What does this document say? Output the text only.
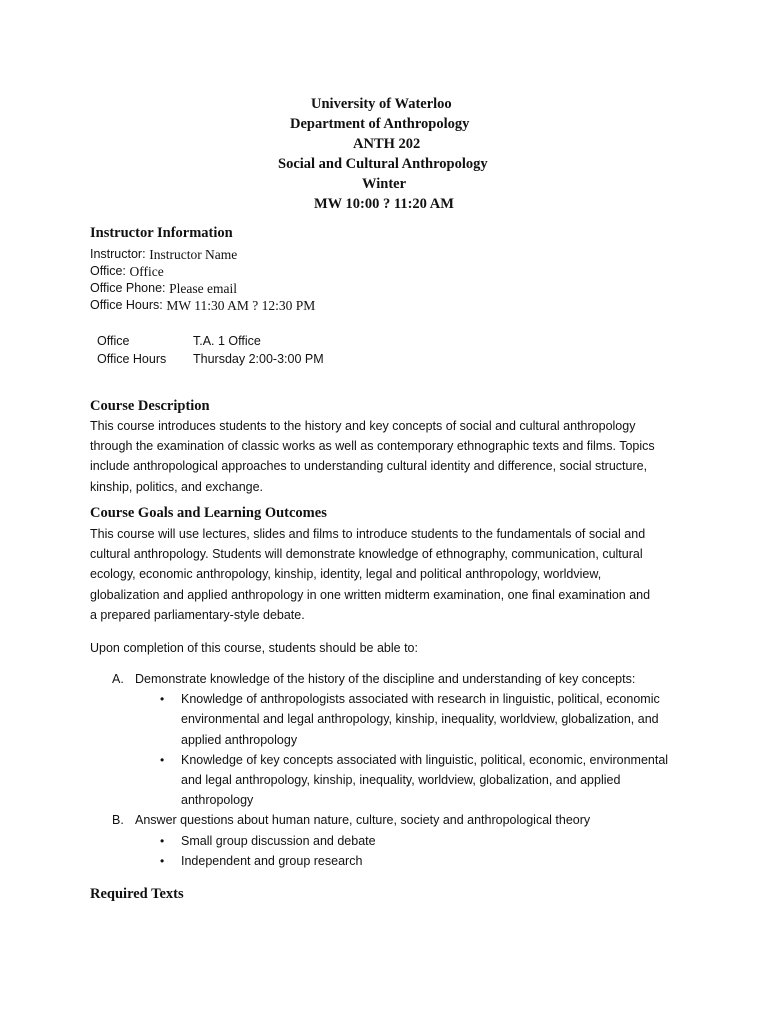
University of Waterloo
Department of Anthropology
ANTH 202
Social and Cultural Anthropology
Winter
MW 10:00 ? 11:20 AM
Instructor Information
Instructor: Instructor Name
Office: Office
Office Phone: Please email
Office Hours: MW 11:30 AM ? 12:30 PM
Office	T.A. 1 Office
Office Hours Thursday 2:00-3:00 PM
Course Description

This course introduces students to the history and key concepts of social and cultural anthropology

through the examination of classic works as well as contemporary ethnographic texts and films. Topics

include anthropological approaches to understanding cultural identity and difference, social structure,

kinship, politics, and exchange.

Course Goals and Learning Outcomes

This course will use lectures, slides and films to introduce students to the fundamentals of social and

cultural anthropology. Students will demonstrate knowledge of ethnography, communication, cultural

ecology, economic anthropology, kinship, identity, legal and political anthropology, worldview,

globalization and applied anthropology in one written midterm examination, one final examination and

a prepared parliamentary-style debate.

Upon completion of this course, students should be able to:
A. Demonstrate knowledge of the history of the discipline and understanding of key concepts:
• Knowledge of anthropologists associated with research in linguistic, political, economic
environmental and legal anthropology, kinship, inequality, worldview, globalization, and
applied anthropology
• Knowledge of key concepts associated with linguistic, political, economic, environmental
and legal anthropology, kinship, inequality, worldview, globalization, and applied
anthropology
B. Answer questions about human nature, culture, society and anthropological theory
• Small group discussion and debate
• Independent and group research
Required Texts
